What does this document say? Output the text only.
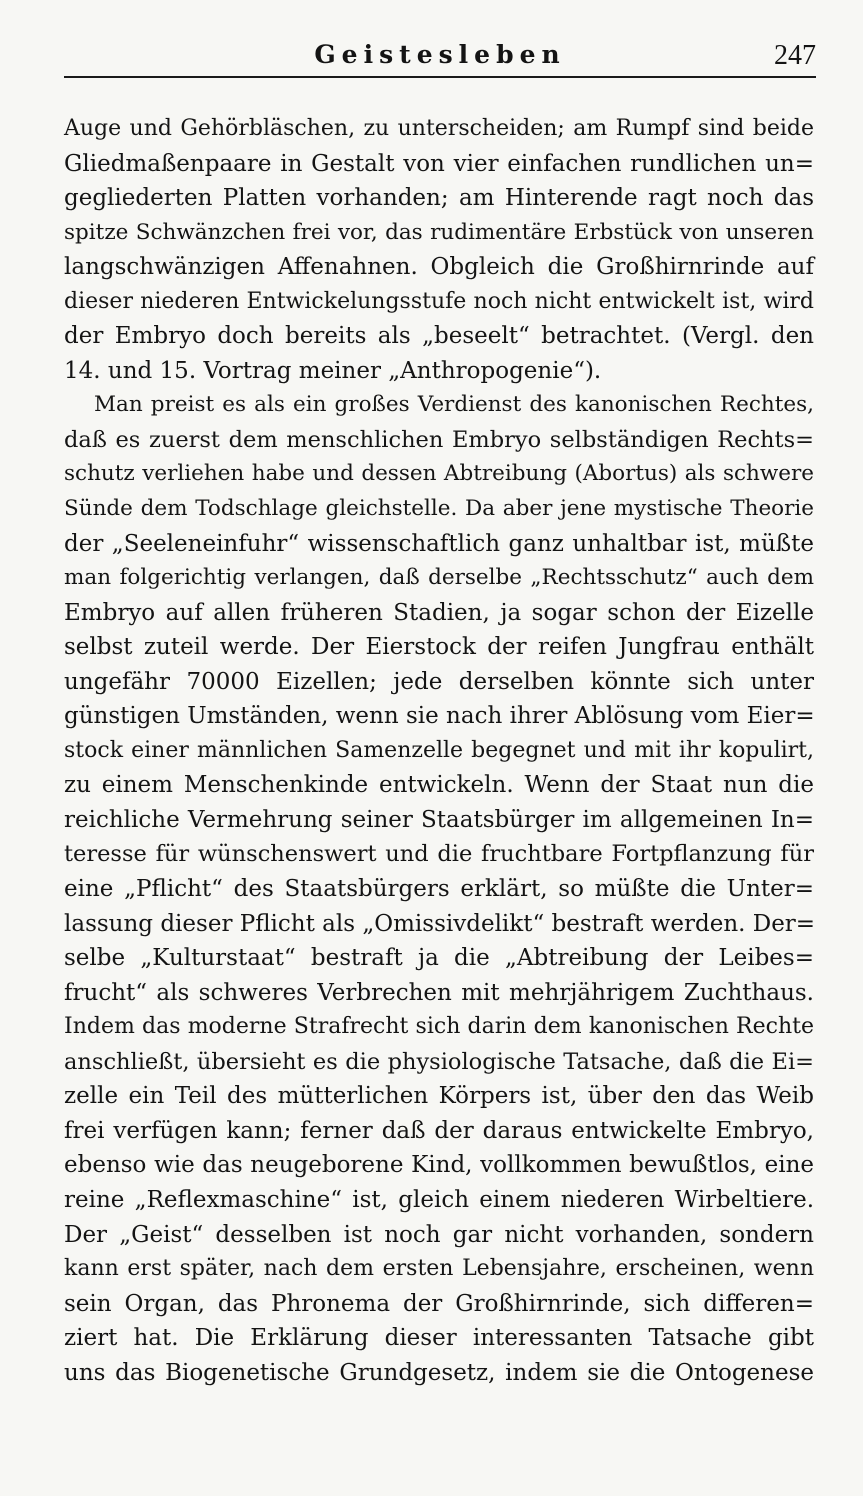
Geistesleben	247
Auge und Gehörbläschen, zu unterscheiden; am Rumpf sind beide
Gliedmaßenpaare in Gestalt von vier einfachen rundlichen un=
gegliederten Platten vorhanden; am Hinterende ragt noch das
spitze Schwänzchen frei vor, das rudimentäre Erbstück von unseren
langschwänzigen Affenahnen. Obgleich die Großhirnrinde auf
dieser niederen Entwickelungsstufe noch nicht entwickelt ist, wird
der Embryo doch bereits als „beseelt“ betrachtet. (Vergl. den
14. und 15. Vortrag meiner „Anthropogenie“).
Man preist es als ein großes Verdienst des kanonischen Rechtes,
daß es zuerst dem menschlichen Embryo selbständigen Rechts=
schutz verliehen habe und dessen Abtreibung (Abortus) als schwere
Sünde dem Todschlage gleichstelle. Da aber jene mystische Theorie
der „Seeleneinfuhr“ wissenschaftlich ganz unhaltbar ist, müßte
man folgerichtig verlangen, daß derselbe „Rechtsschutz“ auch dem
Embryo auf allen früheren Stadien, ja sogar schon der Eizelle
selbst zuteil werde. Der Eierstock der reifen Jungfrau enthält
ungefähr 70000 Eizellen; jede derselben könnte sich unter
günstigen Umständen, wenn sie nach ihrer Ablösung vom Eier=
stock einer männlichen Samenzelle begegnet und mit ihr kopulirt,
zu einem Menschenkinde entwickeln. Wenn der Staat nun die
reichliche Vermehrung seiner Staatsbürger im allgemeinen In=
teresse für wünschenswert und die fruchtbare Fortpflanzung für
eine „Pflicht“ des Staatsbürgers erklärt, so müßte die Unter=
lassung dieser Pflicht als „Omissivdelikt“ bestraft werden. Der=
selbe „Kulturstaat“ bestraft ja die „Abtreibung der Leibes=
frucht“ als schweres Verbrechen mit mehrjährigem Zuchthaus.
Indem das moderne Strafrecht sich darin dem kanonischen Rechte
anschließt, übersieht es die physiologische Tatsache, daß die Ei=
zelle ein Teil des mütterlichen Körpers ist, über den das Weib
frei verfügen kann; ferner daß der daraus entwickelte Embryo,
ebenso wie das neugeborene Kind, vollkommen bewußtlos, eine
reine „Reflexmaschine“ ist, gleich einem niederen Wirbeltiere.
Der „Geist“ desselben ist noch gar nicht vorhanden, sondern
kann erst später, nach dem ersten Lebensjahre, erscheinen, wenn
sein Organ, das Phronema der Großhirnrinde, sich differen=
ziert hat. Die Erklärung dieser interessanten Tatsache gibt
uns das Biogenetische Grundgesetz, indem sie die Ontogenese
